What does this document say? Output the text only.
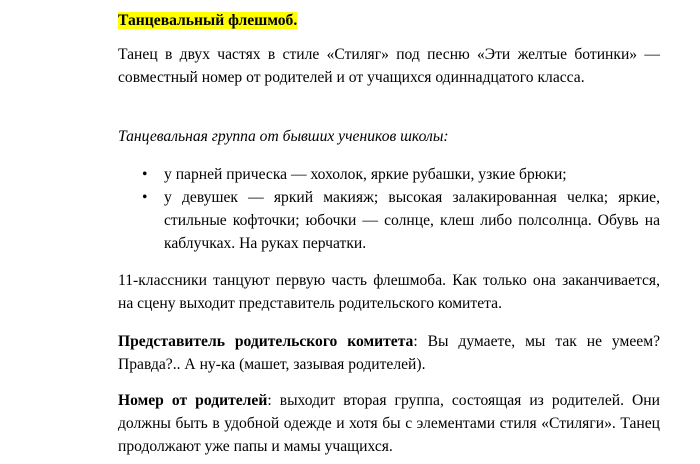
Танцевальный флешмоб.

Танец в двух частях в стиле «Стиляг» под песню «Эти желтые ботинки» — совместный номер от родителей и от учащихся одиннадцатого класса.

Танцевальная группа от бывших учеников школы:

• у парней прическа — хохолок, яркие рубашки, узкие брюки;
• у девушек — яркий макияж; высокая залакированная челка; яркие, стильные кофточки; юбочки — солнце, клеш либо полсолнца. Обувь на каблучках. На руках перчатки.

11-классники танцуют первую часть флешмоба. Как только она заканчивается, на сцену выходит представитель родительского комитета.

Представитель родительского комитета: Вы думаете, мы так не умеем? Правда?.. А ну-ка (машет, зазывая родителей).

Номер от родителей: выходит вторая группа, состоящая из родителей. Они должны быть в удобной одежде и хотя бы с элементами стиля «Стиляги». Танец продолжают уже папы и мамы учащихся.
